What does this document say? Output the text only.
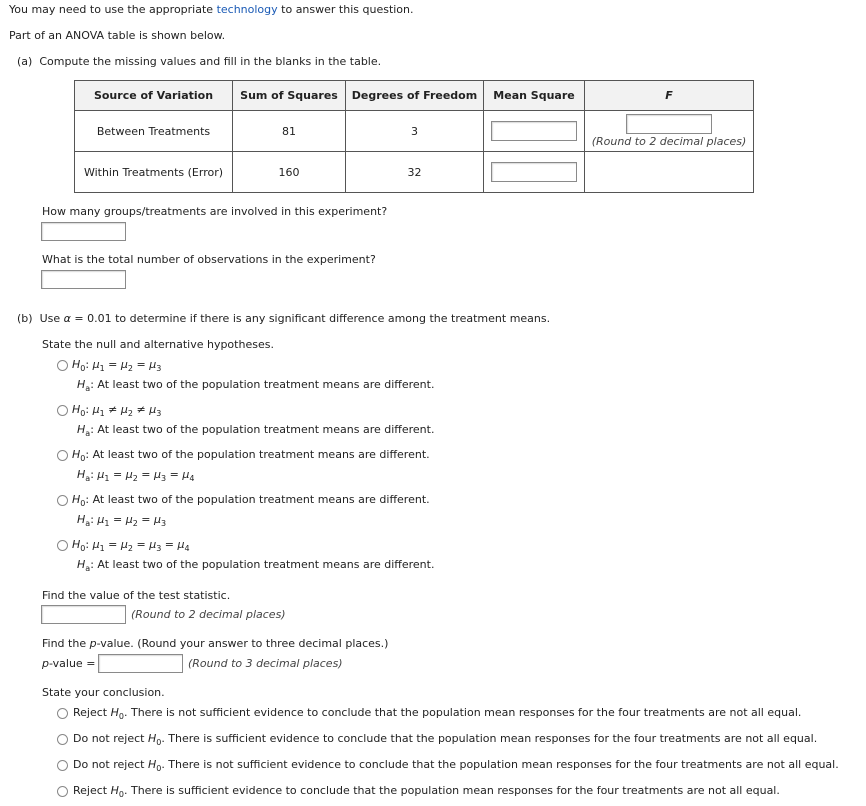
You may need to use the appropriate technology to answer this question.
Part of an ANOVA table is shown below.
(a) Compute the missing values and fill in the blanks in the table.
Source of Variation	Sum of Squares	Degrees of Freedom	Mean Square	F
Between Treatments	81	3		(Round to 2 decimal places)

Within Treatments (Error)	160	32		
How many groups/treatments are involved in this experiment?
What is the total number of observations in the experiment?
(b) Use α = 0.01 to determine if there is any significant difference among the treatment means.
State the null and alternative hypotheses.
$H_0$: $\mu_1 = \mu_2 = \mu_3$
$H_a$: At least two of the population treatment means are different.
$H_0$: $\mu_1 \ne \mu_2 \ne \mu_3$
$H_a$: At least two of the population treatment means are different.
$H_0$: At least two of the population treatment means are different.
$H_a$: $\mu_1 = \mu_2 = \mu_3 = \mu_4$
$H_0$: At least two of the population treatment means are different.
$H_a$: $\mu_1 = \mu_2 = \mu_3$
$H_0$: $\mu_1 = \mu_2 = \mu_3 = \mu_4$
$H_a$: At least two of the population treatment means are different.
Find the value of the test statistic.
(Round to 2 decimal places)
Find the p-value. (Round your answer to three decimal places.)
p-value =	(Round to 3 decimal places)
State your conclusion.
Reject $H_0$. There is not sufficient evidence to conclude that the population mean responses for the four treatments are not all equal.
Do not reject $H_0$. There is sufficient evidence to conclude that the population mean responses for the four treatments are not all equal.
Do not reject $H_0$. There is not sufficient evidence to conclude that the population mean responses for the four treatments are not all equal.
Reject $H_0$. There is sufficient evidence to conclude that the population mean responses for the four treatments are not all equal.
